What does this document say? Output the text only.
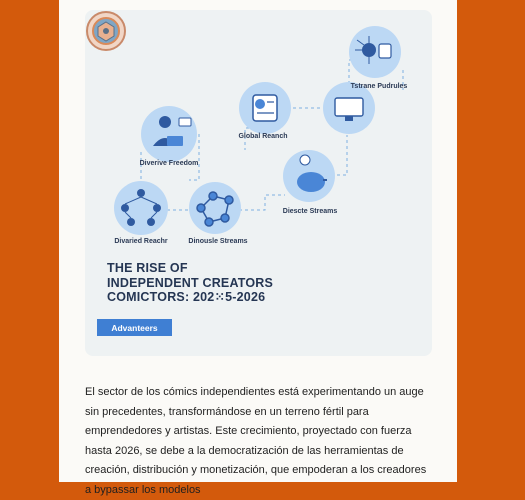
Diverive Freedom
Global Reanch
Tstrane Pudrules
Divaried Reachr	Dinousle Streams
Diescte Streams
THE RISE OF
INDEPENDENT CREATORS
COMICTORS: 202⁙5-2026
Advanteers
El sector de los cómics independientes está experimentando un auge sin precedentes, transformándose en un terreno fértil para emprendedores y artistas. Este crecimiento, proyectado con fuerza hasta 2026, se debe a la democratización de las herramientas de creación, distribución y monetización, que empoderan a los creadores a bypassar los modelos
